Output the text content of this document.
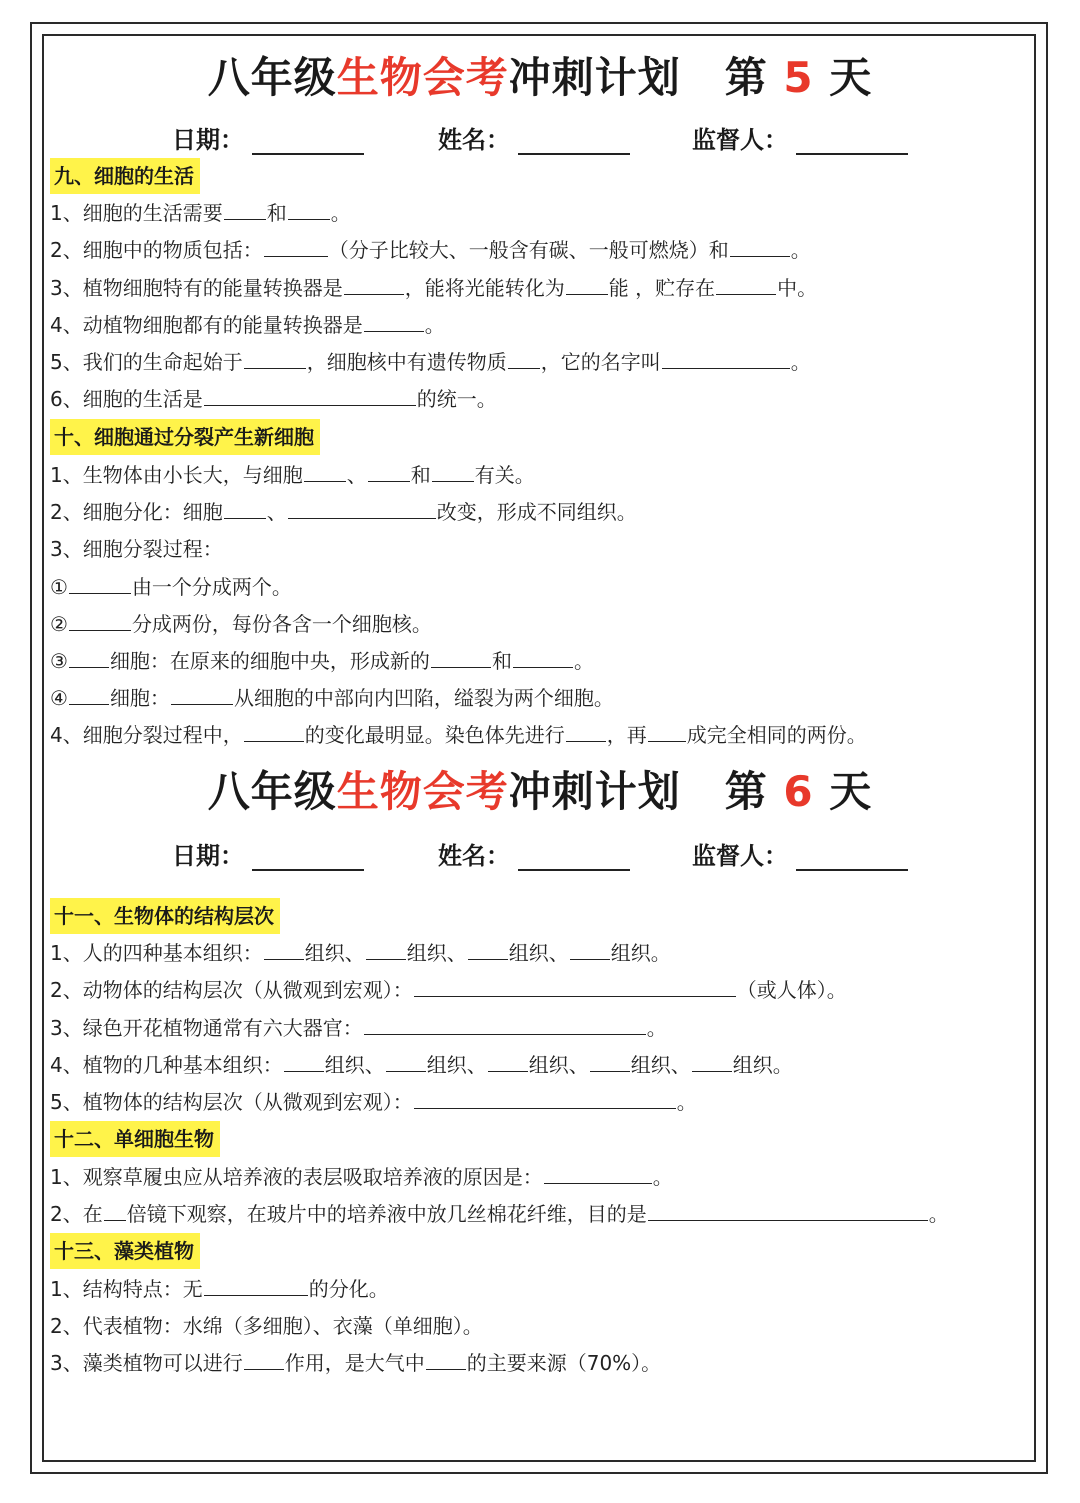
八年级生物会考冲刺计划 第 5 天
日期：	姓名：	监督人：
九、细胞的生活
1、细胞的生活需要 和 。
2、细胞中的物质包括：	（分子比较大、一般含有碳、一般可燃烧）和	。
3、植物细胞特有的能量转换器是	，能将光能转化为 能 ，贮存在	中。
4、动植物细胞都有的能量转换器是	。
5、我们的生命起始于	，细胞核中有遗传物质 ，它的名字叫	。
6、细胞的生活是	的统一。
十、细胞通过分裂产生新细胞
1、生物体由小长大，与细胞 、 和 有关。
2、细胞分化：细胞 、	改变，形成不同组织。
3、细胞分裂过程：
①	由一个分成两个。
②	分成两份，每份各含一个细胞核。
③ 细胞：在原来的细胞中央，形成新的	和	。
④ 细胞：	从细胞的中部向内凹陷，缢裂为两个细胞。
4、细胞分裂过程中，	的变化最明显。染色体先进行 ，再 成完全相同的两份。
八年级生物会考冲刺计划 第 6 天
日期：	姓名：	监督人：
十一、生物体的结构层次
1、人的四种基本组织： 组织、 组织、 组织、 组织。
2、动物体的结构层次（从微观到宏观）：	（或人体）。
3、绿色开花植物通常有六大器官：	。
4、植物的几种基本组织： 组织、 组织、 组织、 组织、 组织。
5、植物体的结构层次（从微观到宏观）：	。
十二、单细胞生物
1、观察草履虫应从培养液的表层吸取培养液的原因是：	。
2、在 倍镜下观察，在玻片中的培养液中放几丝棉花纤维，目的是	。
十三、藻类植物
1、结构特点：无	的分化。
2、代表植物：水绵（多细胞）、衣藻（单细胞）。
3、藻类植物可以进行 作用，是大气中 的主要来源（70%）。
